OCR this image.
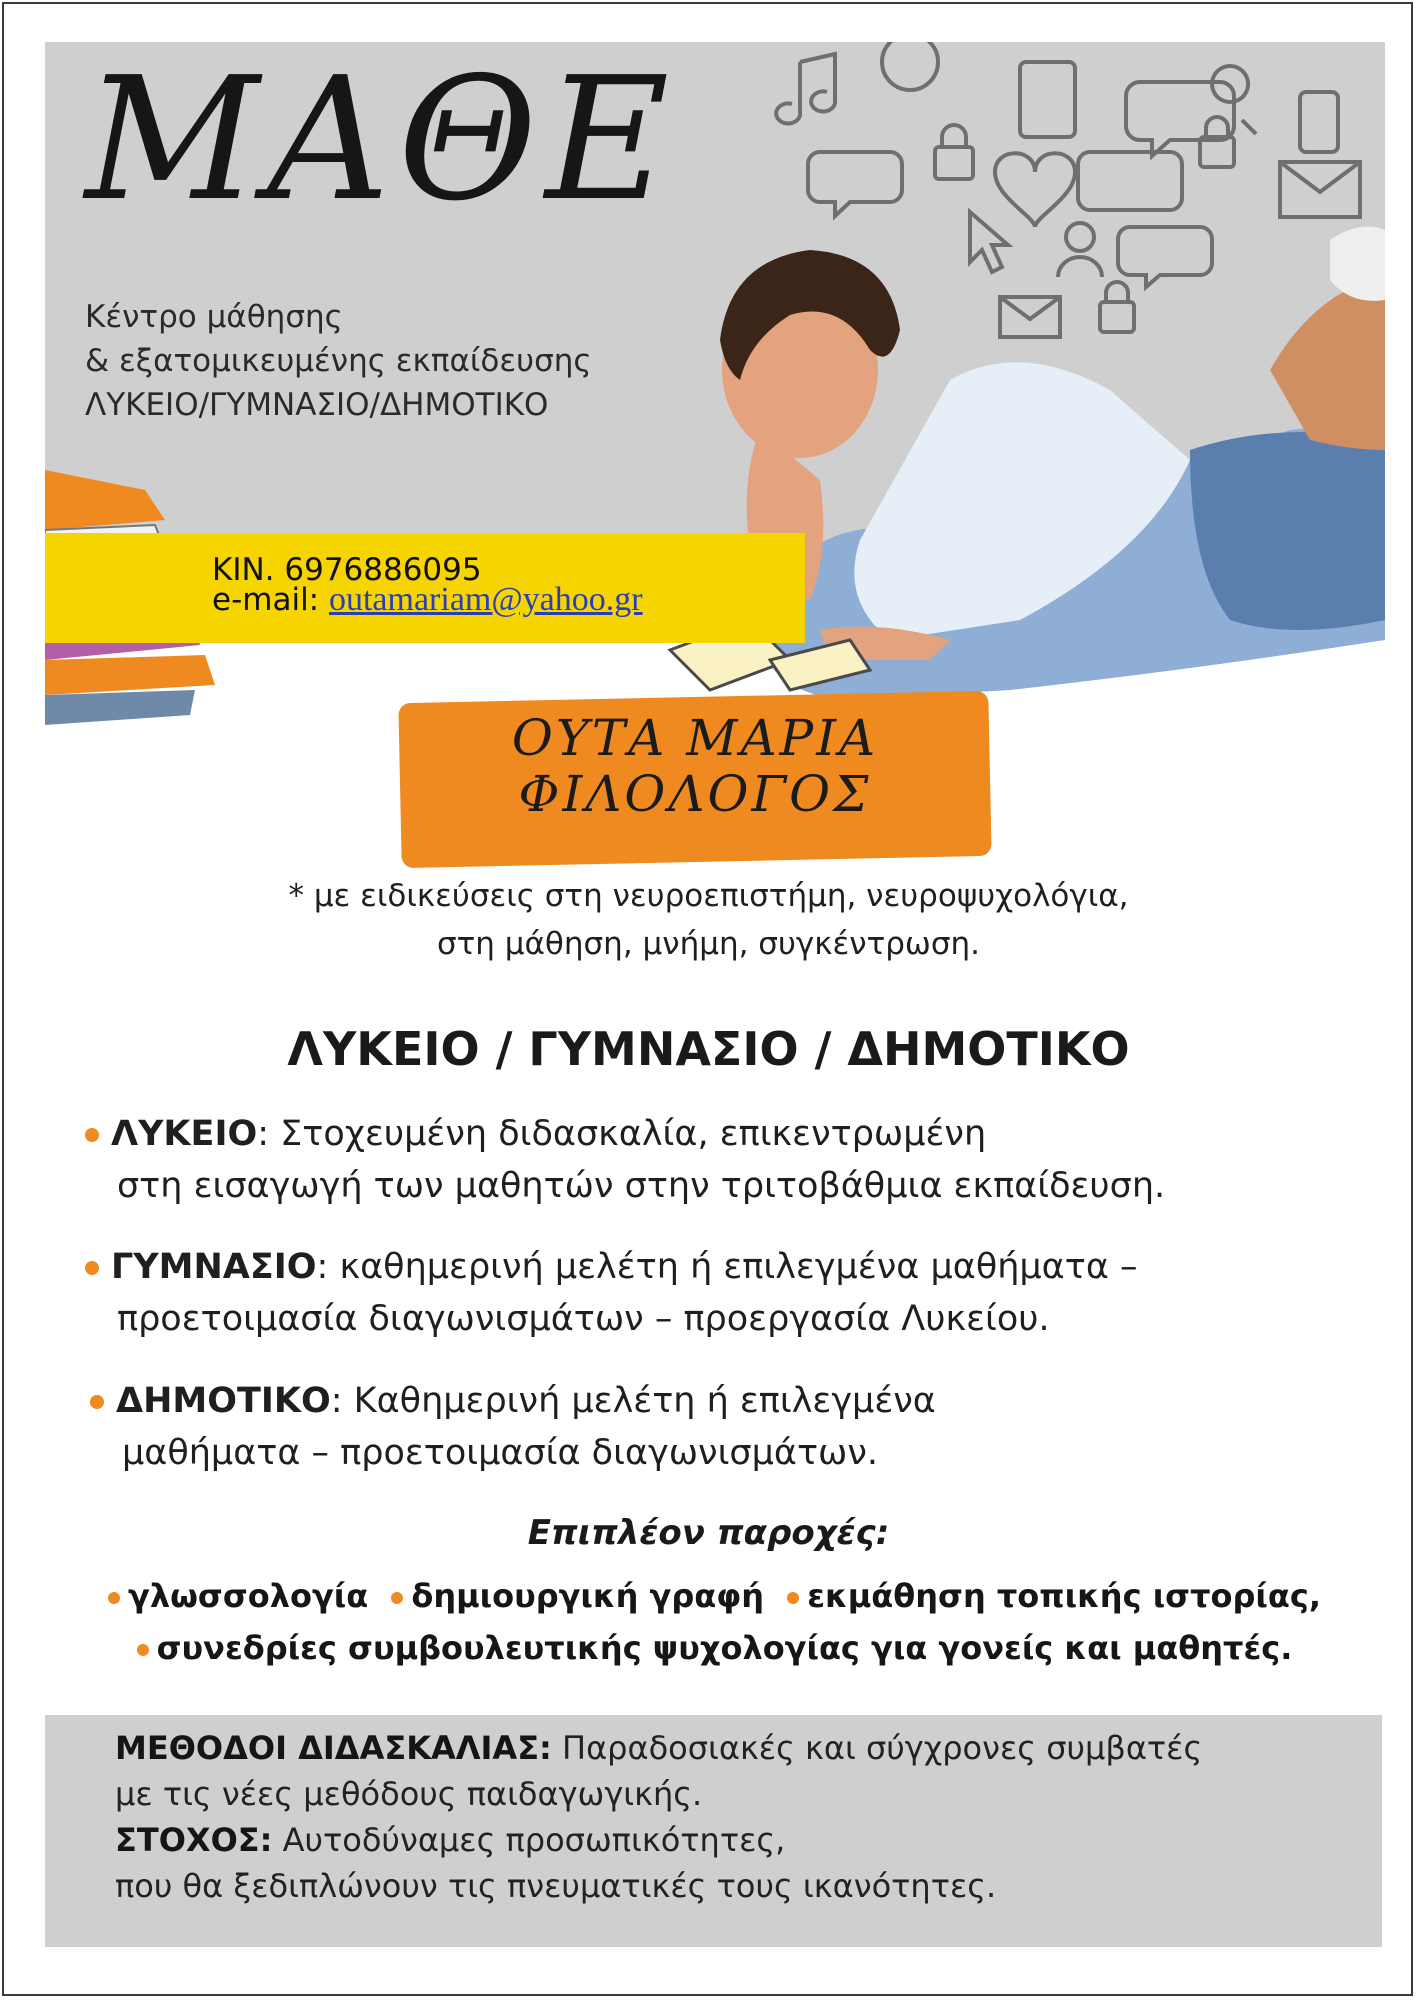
ΜΑΘΕ
Κέντρο μάθησης
& εξατομικευμένης εκπαίδευσης
ΛΥΚΕΙΟ/ΓΥΜΝΑΣΙΟ/ΔΗΜΟΤΙΚΟ
ΚΙΝ. 6976886095
e-mail: outamariam@yahoo.gr
ΟΥΤΑ ΜΑΡΙΑ
ΦΙΛΟΛΟΓΟΣ
* με ειδικεύσεις στη νευροεπιστήμη, νευροψυχολόγια,
στη μάθηση, μνήμη, συγκέντρωση.
ΛΥΚΕΙΟ / ΓΥΜΝΑΣΙΟ / ΔΗΜΟΤΙΚΟ
ΛΥΚΕΙΟ: Στοχευμένη διδασκαλία, επικεντρωμένη
στη εισαγωγή των μαθητών στην τριτοβάθμια εκπαίδευση.
ΓΥΜΝΑΣΙΟ: καθημερινή μελέτη ή επιλεγμένα μαθήματα –
προετοιμασία διαγωνισμάτων – προεργασία Λυκείου.
ΔΗΜΟΤΙΚΟ: Καθημερινή μελέτη ή επιλεγμένα
μαθήματα – προετοιμασία διαγωνισμάτων.
Επιπλέον παροχές:
γλωσσολογία δημιουργική γραφή εκμάθηση τοπικής ιστορίας,
συνεδρίες συμβουλευτικής ψυχολογίας για γονείς και μαθητές.
ΜΕΘΟΔΟΙ ΔΙΔΑΣΚΑΛΙΑΣ: Παραδοσιακές και σύγχρονες συμβατές
με τις νέες μεθόδους παιδαγωγικής.
ΣΤΟΧΟΣ: Αυτοδύναμες προσωπικότητες,
που θα ξεδιπλώνουν τις πνευματικές τους ικανότητες.
